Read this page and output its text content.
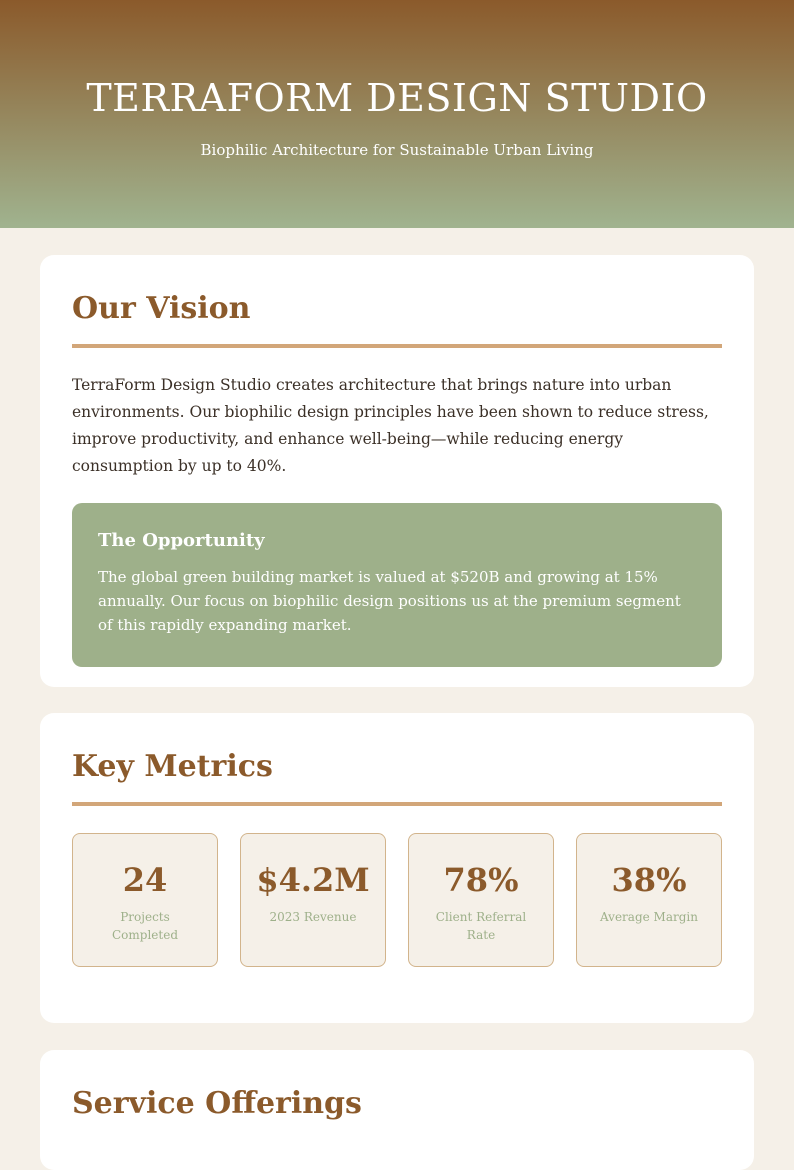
TERRAFORM DESIGN STUDIO

Biophilic Architecture for Sustainable Urban Living

Our Vision

TerraForm Design Studio creates architecture that brings nature into urban environments. Our biophilic design principles have been shown to reduce stress, improve productivity, and enhance well-being—while reducing energy consumption by up to 40%.

The Opportunity

The global green building market is valued at $520B and growing at 15% annually. Our focus on biophilic design positions us at the premium segment of this rapidly expanding market.

Key Metrics
24
Projects Completed
$4.2M
2023 Revenue
78%
Client Referral Rate
38%
Average Margin
Service Offerings
